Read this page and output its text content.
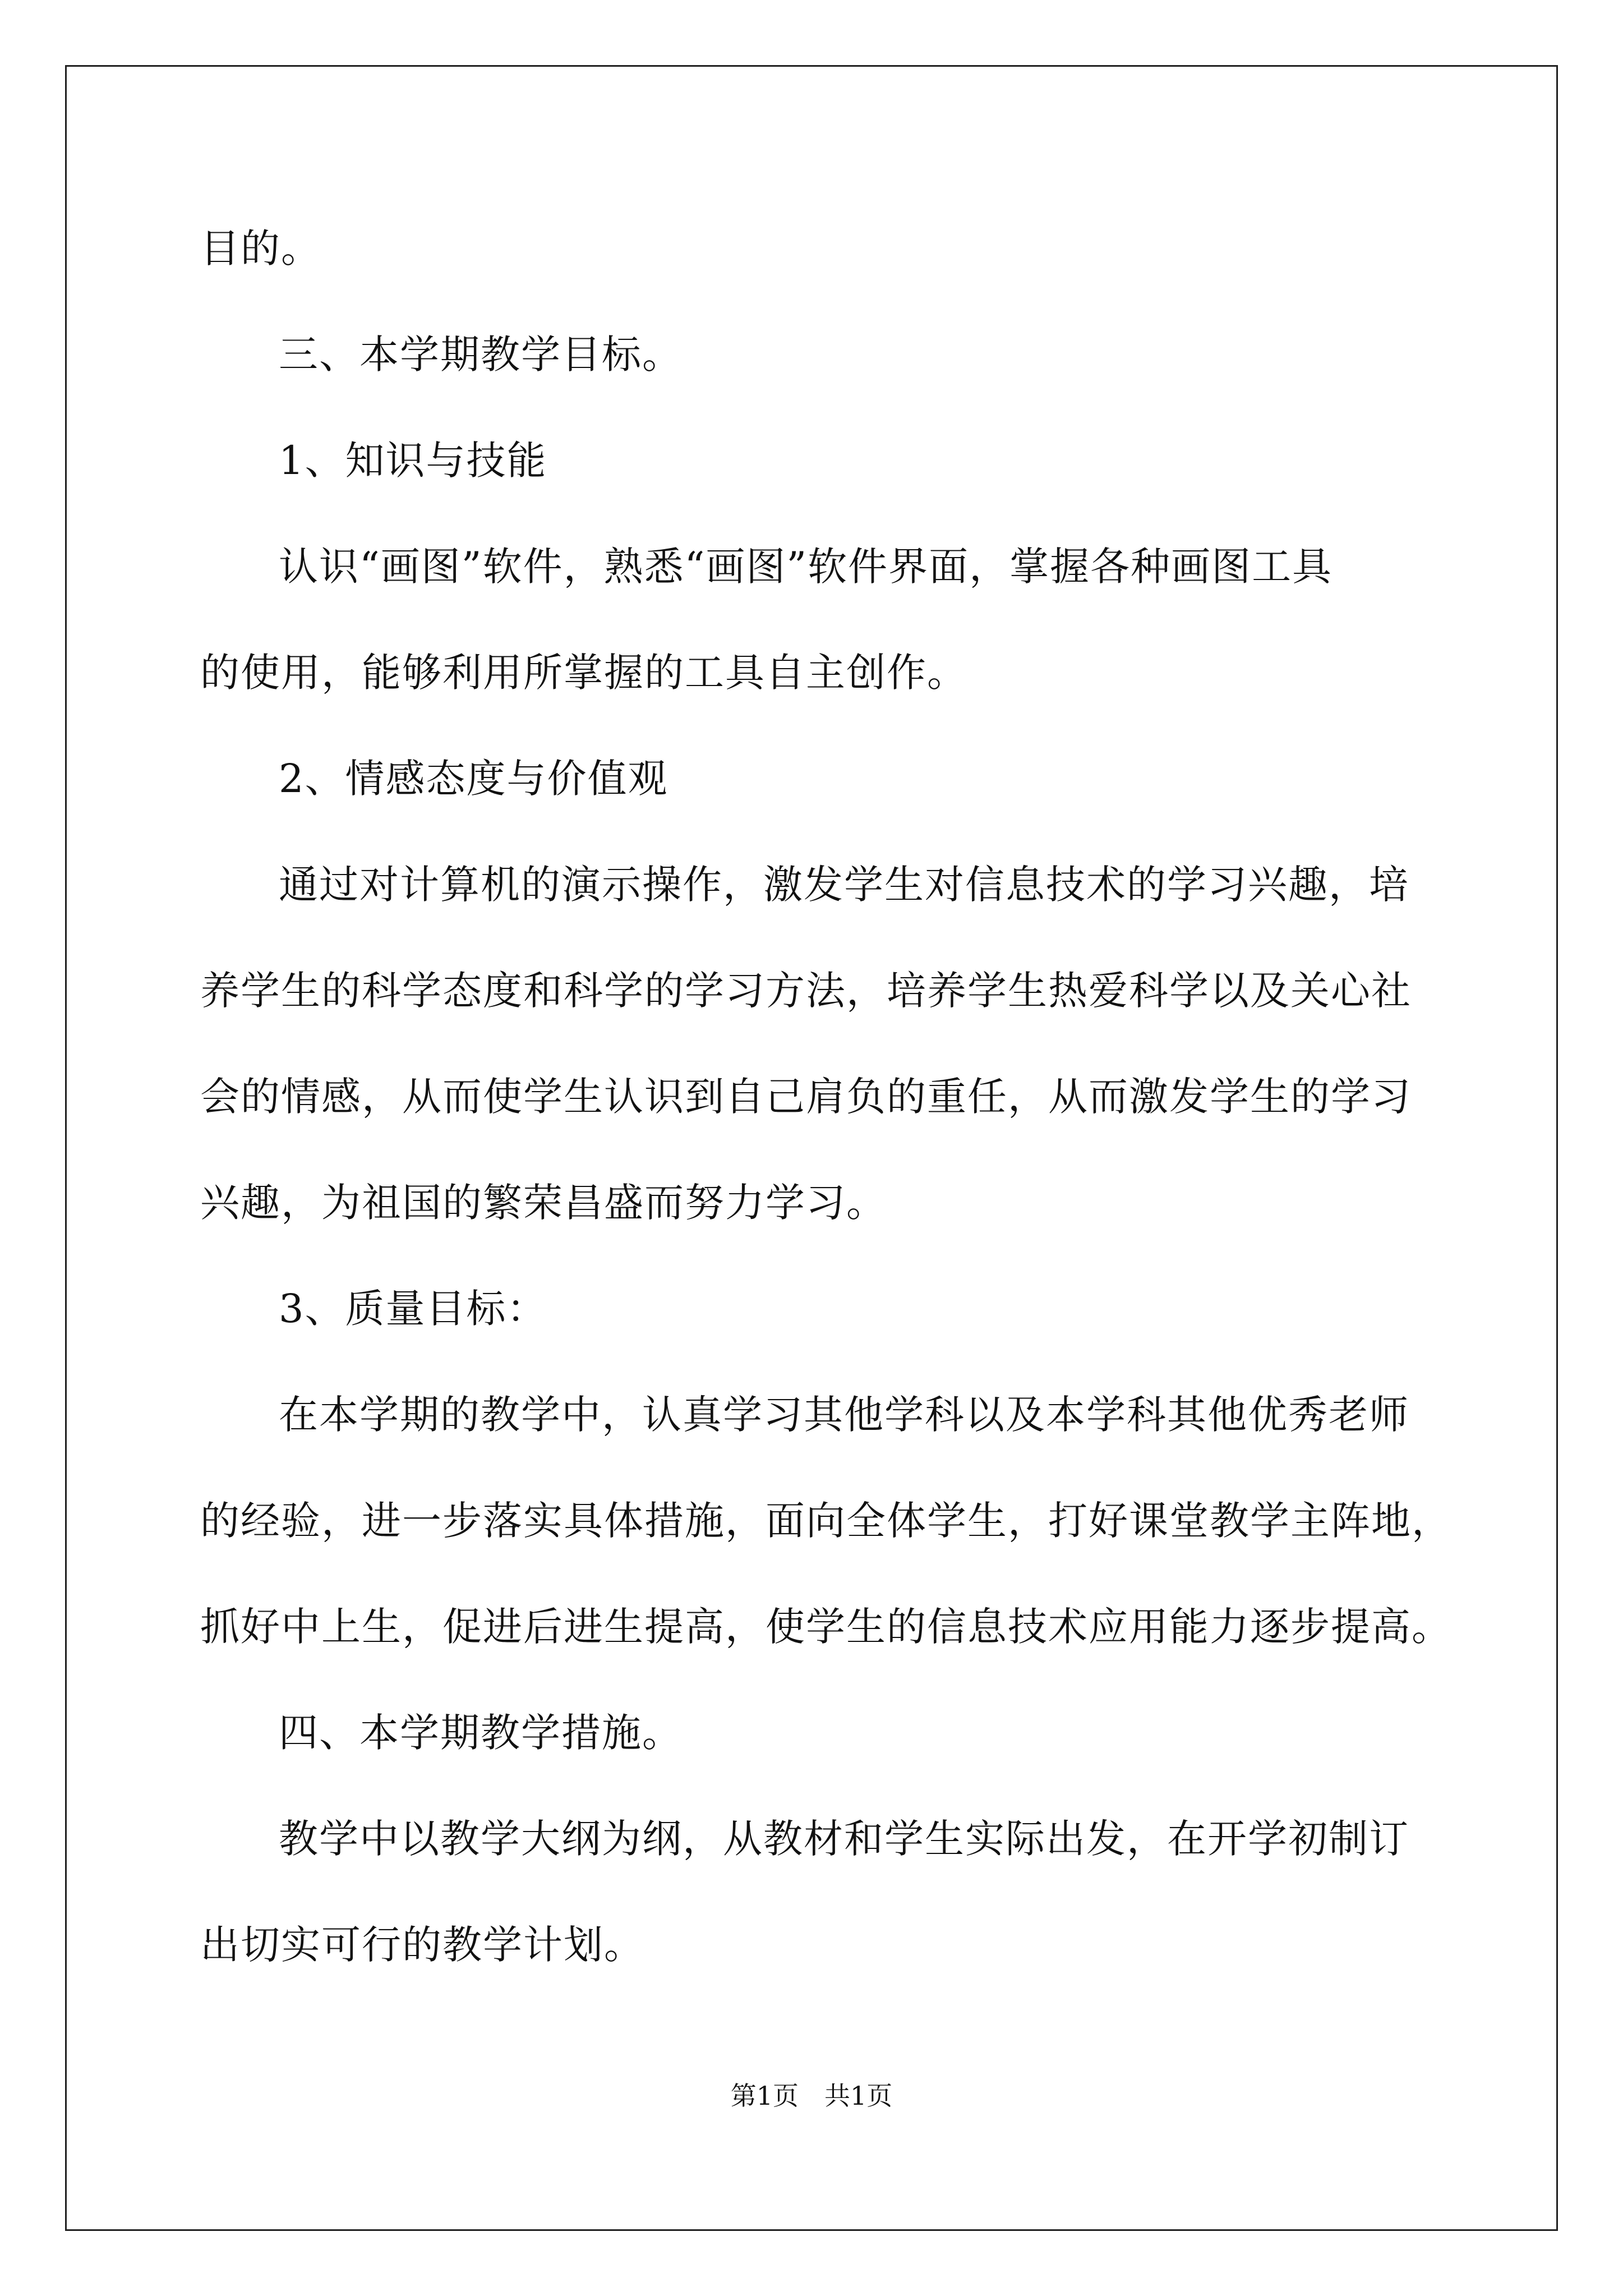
目的。
三、本学期教学目标。
1、知识与技能
认识“画图”软件，熟悉“画图”软件界面，掌握各种画图工具
的使用，能够利用所掌握的工具自主创作。
2、情感态度与价值观
通过对计算机的演示操作，激发学生对信息技术的学习兴趣，培
养学生的科学态度和科学的学习方法，培养学生热爱科学以及关心社
会的情感，从而使学生认识到自己肩负的重任，从而激发学生的学习
兴趣，为祖国的繁荣昌盛而努力学习。
3、质量目标：
在本学期的教学中，认真学习其他学科以及本学科其他优秀老师
的经验，进一步落实具体措施，面向全体学生，打好课堂教学主阵地，
抓好中上生，促进后进生提高，使学生的信息技术应用能力逐步提高。
四、本学期教学措施。
教学中以教学大纲为纲，从教材和学生实际出发，在开学初制订
出切实可行的教学计划。
第1页　共1页
